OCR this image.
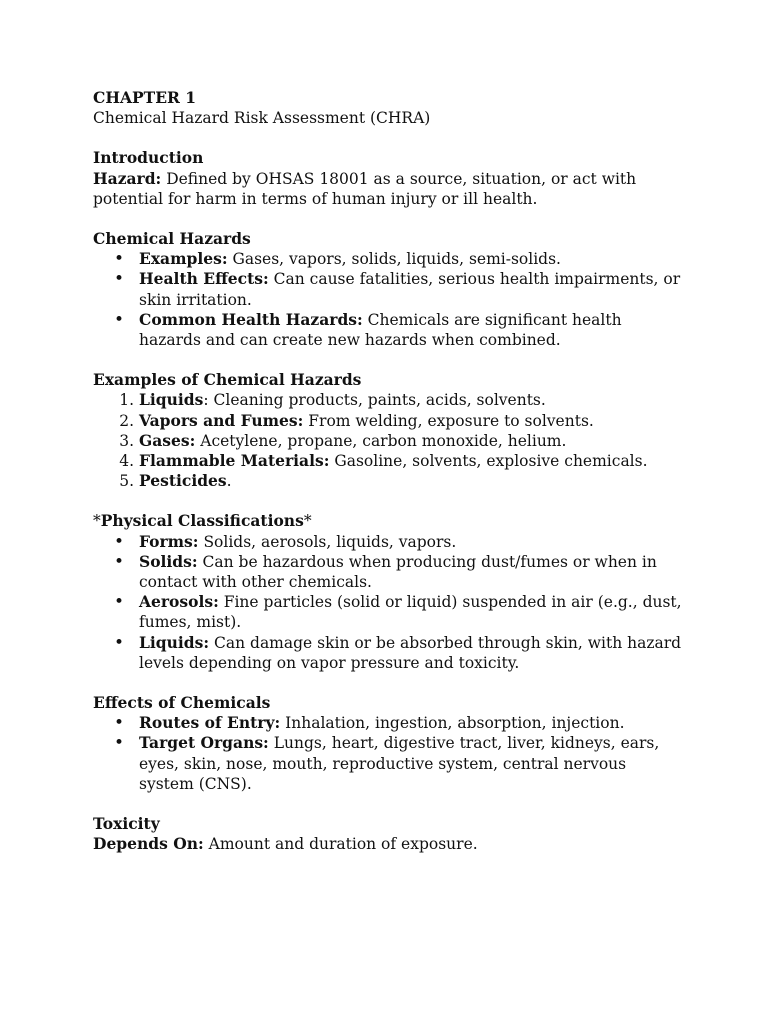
CHAPTER 1

Chemical Hazard Risk Assessment (CHRA)

Introduction

Hazard: Defined by OHSAS 18001 as a source, situation, or act with potential for harm in terms of human injury or ill health.

Chemical Hazards

• Examples: Gases, vapors, solids, liquids, semi-solids.
• Health Effects: Can cause fatalities, serious health impairments, or skin irritation.
• Common Health Hazards: Chemicals are significant health hazards and can create new hazards when combined.

Examples of Chemical Hazards

1. Liquids: Cleaning products, paints, acids, solvents.
2. Vapors and Fumes: From welding, exposure to solvents.
3. Gases: Acetylene, propane, carbon monoxide, helium.
4. Flammable Materials: Gasoline, solvents, explosive chemicals.
5. Pesticides.

*Physical Classifications*

• Forms: Solids, aerosols, liquids, vapors.
• Solids: Can be hazardous when producing dust/fumes or when in contact with other chemicals.
• Aerosols: Fine particles (solid or liquid) suspended in air (e.g., dust, fumes, mist).
• Liquids: Can damage skin or be absorbed through skin, with hazard levels depending on vapor pressure and toxicity.

Effects of Chemicals

• Routes of Entry: Inhalation, ingestion, absorption, injection.
• Target Organs: Lungs, heart, digestive tract, liver, kidneys, ears, eyes, skin, nose, mouth, reproductive system, central nervous system (CNS).

Toxicity

Depends On: Amount and duration of exposure.
